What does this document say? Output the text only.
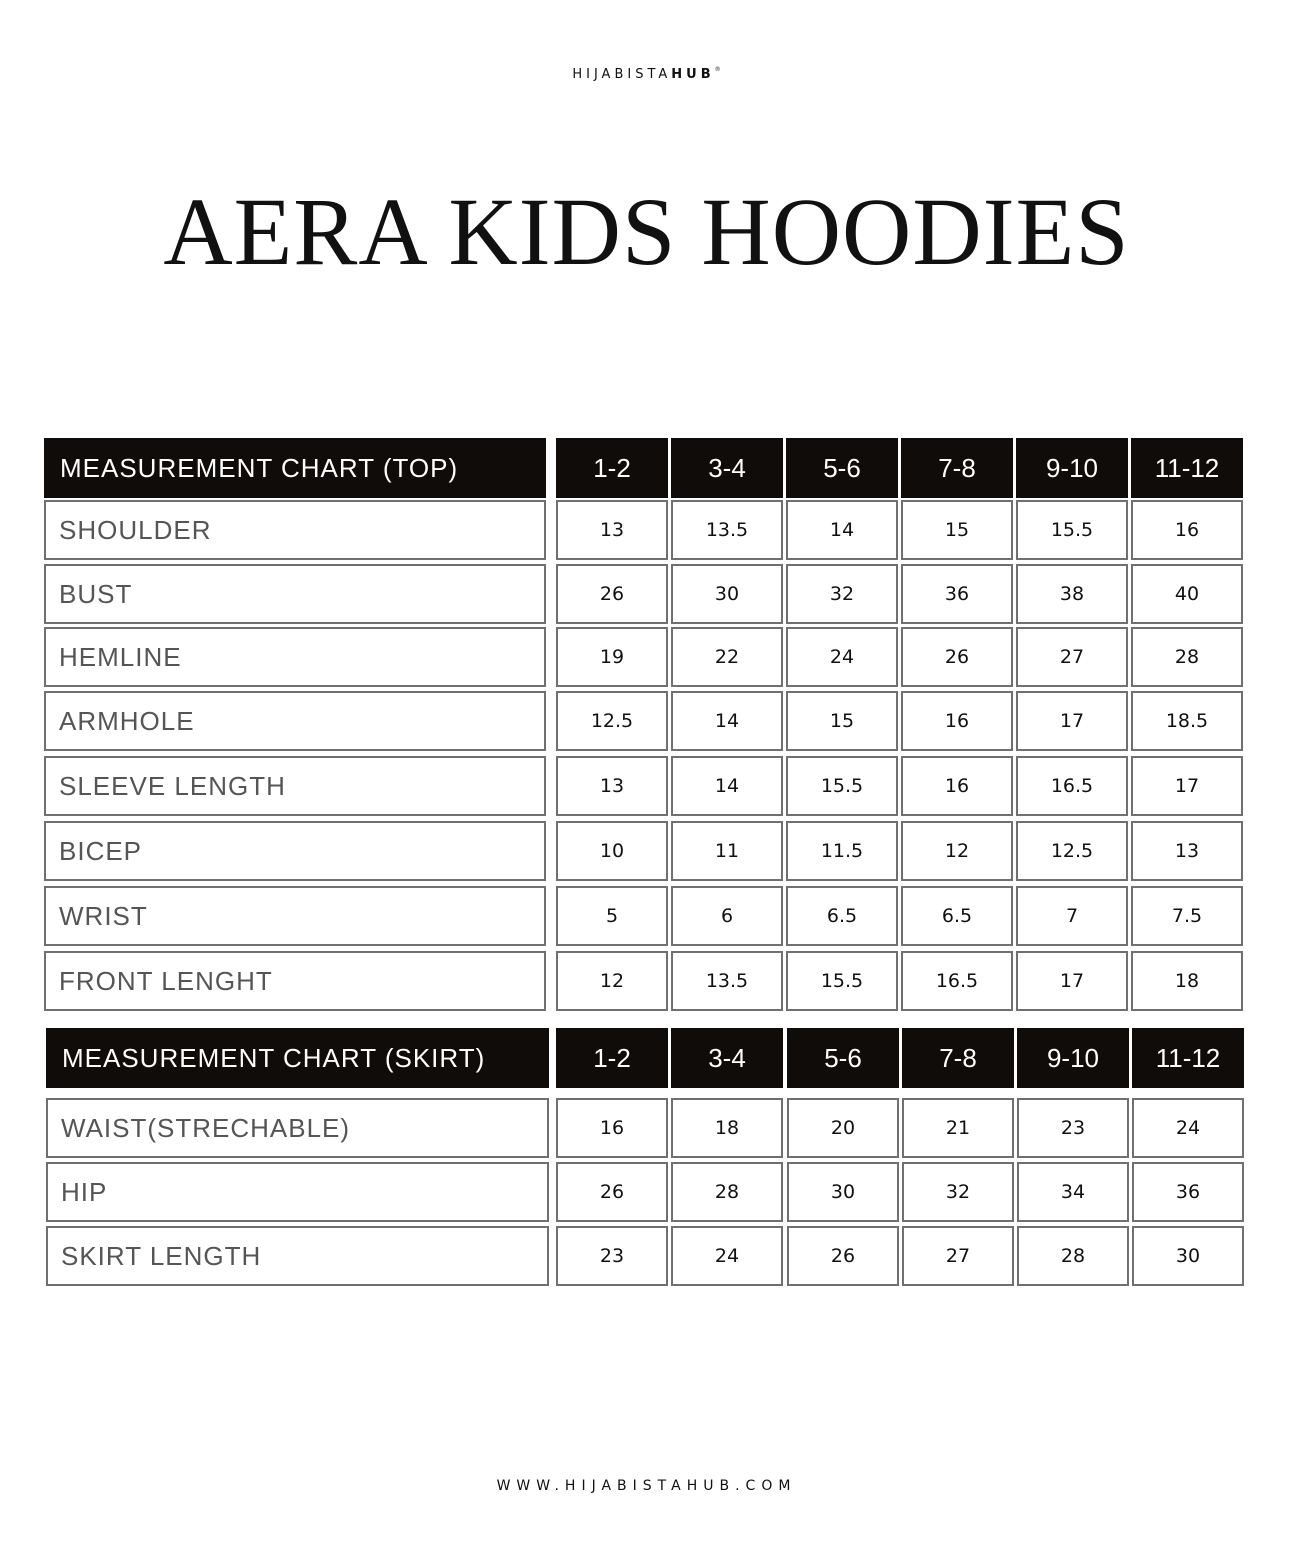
HIJABISTAHUB®
AERA KIDS HOODIES
MEASUREMENT CHART (TOP)	1-2	3-4	5-6	7-8	9-10	11-12
SHOULDER	13	13.5	14	15	15.5	16
BUST	26	30	32	36	38	40
HEMLINE	19	22	24	26	27	28
ARMHOLE	12.5	14	15	16	17	18.5
SLEEVE LENGTH	13	14	15.5	16	16.5	17
BICEP	10	11	11.5	12	12.5	13
WRIST	5	6	6.5	6.5	7	7.5
FRONT LENGHT	12	13.5	15.5	16.5	17	18
MEASUREMENT CHART (SKIRT)	1-2	3-4	5-6	7-8	9-10	11-12
WAIST(STRECHABLE)	16	18	20	21	23	24
HIP	26	28	30	32	34	36
SKIRT LENGTH	23	24	26	27	28	30
WWW.HIJABISTAHUB.COM
